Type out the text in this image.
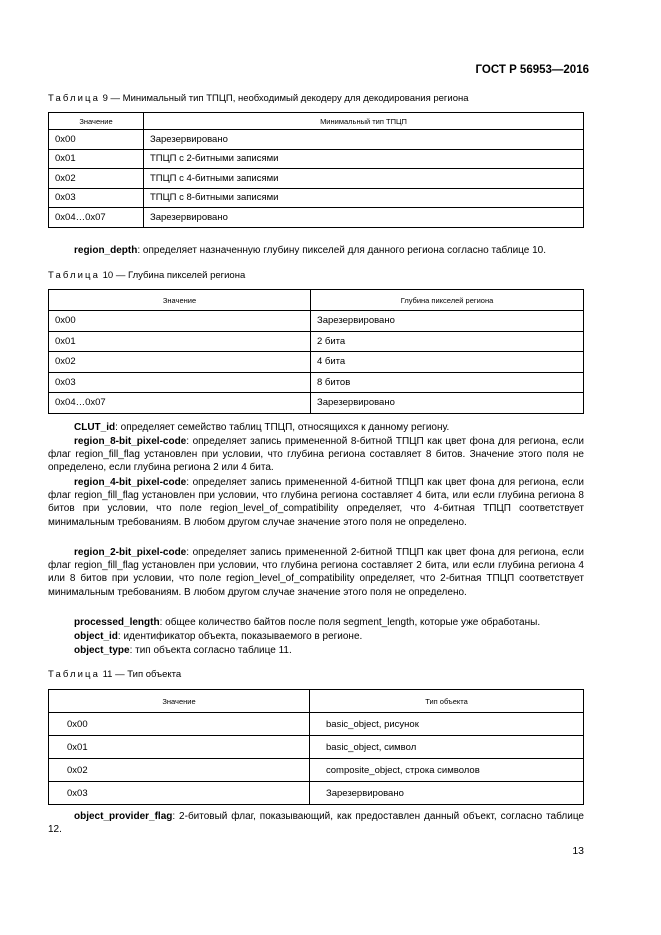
ГОСТ Р 56953—2016
Таблица 9 — Минимальный тип ТПЦП, необходимый декодеру для декодирования региона
Значение	Минимальный тип ТПЦП
0x00	Зарезервировано
0x01	ТПЦП с 2-битными записями
0x02	ТПЦП с 4-битными записями
0x03	ТПЦП с 8-битными записями
0x04…0x07	Зарезервировано
region_depth: определяет назначенную глубину пикселей для данного региона согласно таблице 10.
Таблица 10 — Глубина пикселей региона
Значение	Глубина пикселей региона
0x00	Зарезервировано
0x01	2 бита
0x02	4 бита
0x03	8 битов
0x04…0x07	Зарезервировано
CLUT_id: определяет семейство таблиц ТПЦП, относящихся к данному региону.
region_8-bit_pixel-code: определяет запись примененной 8-битной ТПЦП как цвет фона для региона, если флаг region_fill_flag установлен при условии, что глубина региона составляет 8 битов. Значение этого поля не определено, если глубина региона 2 или 4 бита.
region_4-bit_pixel-code: определяет запись примененной 4-битной ТПЦП как цвет фона для региона, если флаг region_fill_flag установлен при условии, что глубина региона составляет 4 бита, или если глубина региона 8 битов при условии, что поле region_level_of_compatibility определяет, что 4-битная ТПЦП соответствует минимальным требованиям. В любом другом случае значение этого поля не определено.
region_2-bit_pixel-code: определяет запись примененной 2-битной ТПЦП как цвет фона для региона, если флаг region_fill_flag установлен при условии, что глубина региона составляет 2 бита, или если глубина региона 4 или 8 битов при условии, что поле region_level_of_compatibility определяет, что 2-битная ТПЦП соответствует минимальным требованиям. В любом другом случае значение этого поля не определено.
processed_length: общее количество байтов после поля segment_length, которые уже обработаны.
object_id: идентификатор объекта, показываемого в регионе.
object_type: тип объекта согласно таблице 11.
Таблица 11 — Тип объекта
Значение	Тип объекта
0x00	basic_object, рисунок
0x01	basic_object, символ
0x02	composite_object, строка символов
0x03	Зарезервировано
object_provider_flag: 2-битовый флаг, показывающий, как предоставлен данный объект, согласно таблице 12.
13
